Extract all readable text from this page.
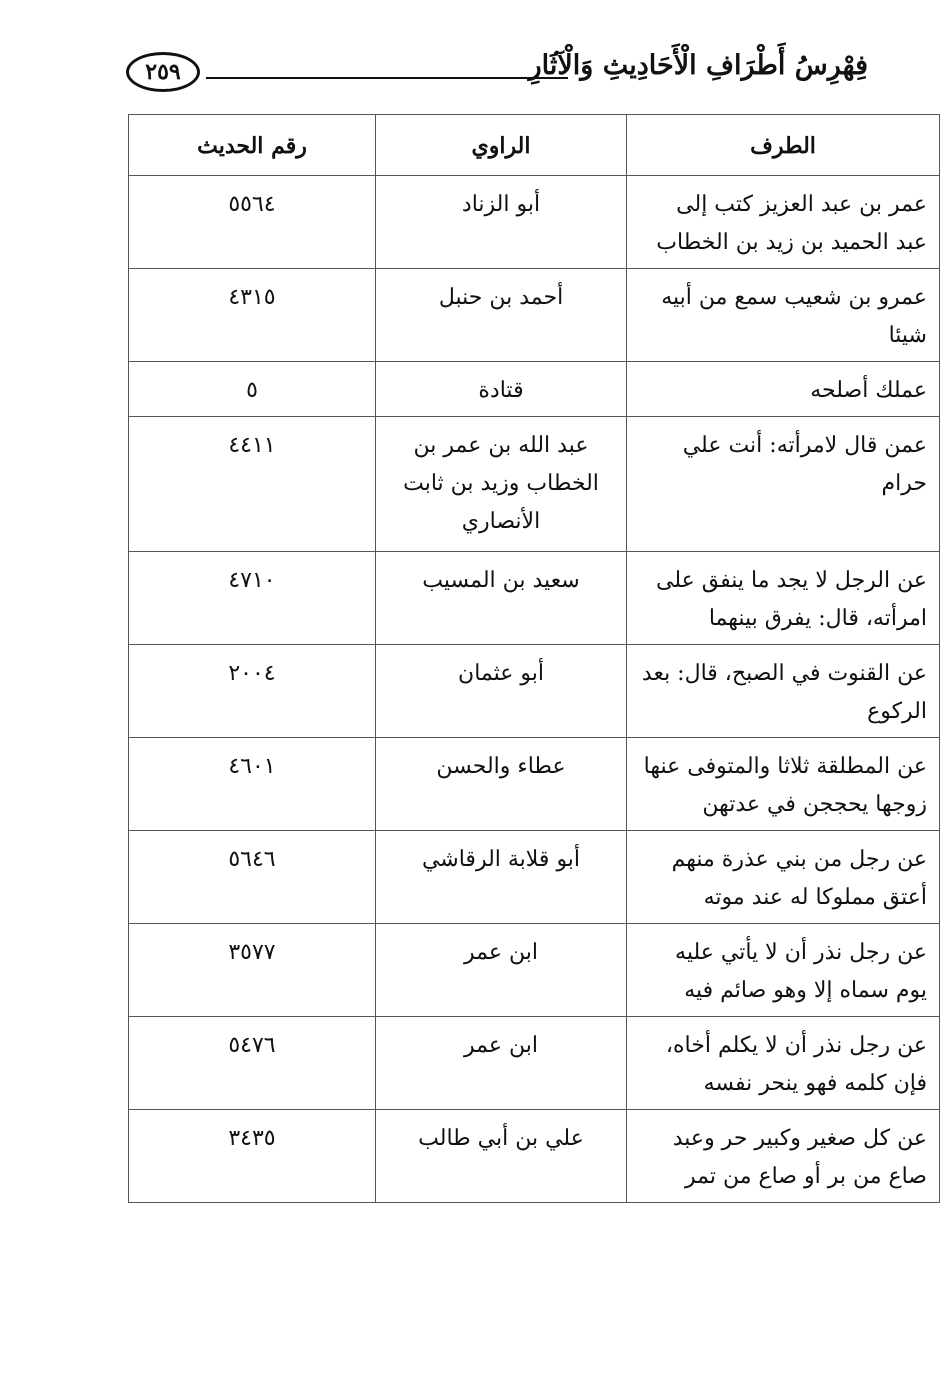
فِهْرِسُ أَطْرَافِ الْأَحَادِيثِ وَالْآثَارِ
٢٥٩
الطرف	الراوي	رقم الحديث
عمر بن عبد العزيز كتب إلى عبد الحميد بن زيد بن الخطاب	أبو الزناد	٥٥٦٤
عمرو بن شعيب سمع من أبيه شيئا	أحمد بن حنبل	٤٣١٥
عملك أصلحه	قتادة	٥
عمن قال لامرأته: أنت علي حرام	عبد الله بن عمر بن الخطاب وزيد بن ثابت الأنصاري	٤٤١١
عن الرجل لا يجد ما ينفق على امرأته، قال: يفرق بينهما	سعيد بن المسيب	٤٧١٠
عن القنوت في الصبح، قال: بعد الركوع	أبو عثمان	٢٠٠٤
عن المطلقة ثلاثا والمتوفى عنها زوجها يحججن في عدتهن	عطاء والحسن	٤٦٠١
عن رجل من بني عذرة منهم أعتق مملوكا له عند موته	أبو قلابة الرقاشي	٥٦٤٦
عن رجل نذر أن لا يأتي عليه يوم سماه إلا وهو صائم فيه	ابن عمر	٣٥٧٧
عن رجل نذر أن لا يكلم أخاه، فإن كلمه فهو ينحر نفسه	ابن عمر	٥٤٧٦
عن كل صغير وكبير حر وعبد صاع من بر أو صاع من تمر	علي بن أبي طالب	٣٤٣٥
